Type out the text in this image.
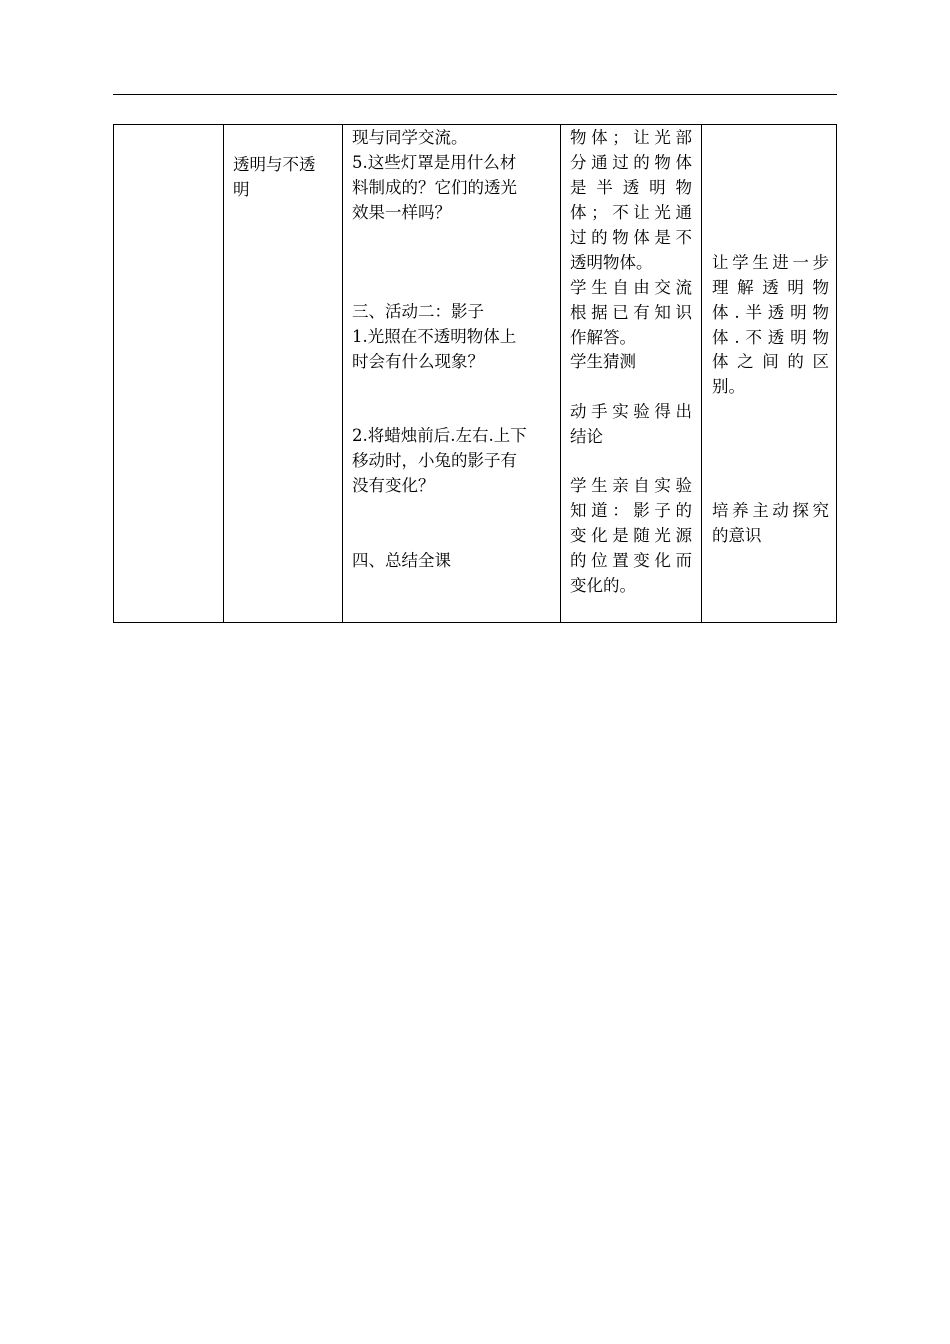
透明与不透
明
现与同学交流。
5.这些灯罩是用什么材
料制成的？它们的透光
效果一样吗？
三、活动二：影子
1.光照在不透明物体上
时会有什么现象？
2.将蜡烛前后.左右.上下
移动时，小兔的影子有
没有变化？
四、总结全课
物体；让光部
分通过的物体
是半透明物
体；不让光通
过的物体是不
透明物体。
学生自由交流
根据已有知识
作解答。
学生猜测
动手实验得出
结论
学生亲自实验
知道：影子的
变化是随光源
的位置变化而
变化的。
让学生进一步
理解透明物
体.半透明物
体.不透明物
体之间的区
别。
培养主动探究
的意识
